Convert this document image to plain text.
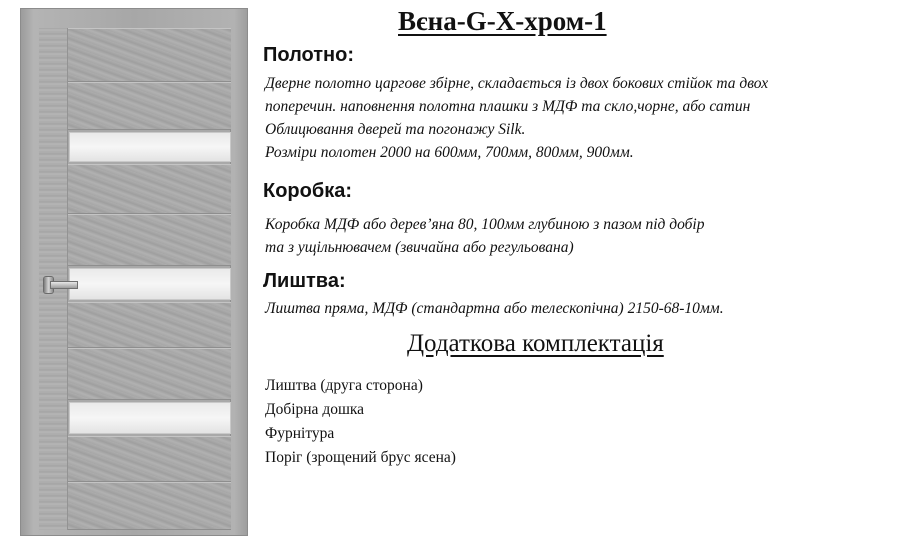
Вєна-G-X-хром-1
Полотно:
Дверне полотно царгове збірне, складається із двох бокових стійок та двох
поперечин. наповнення полотна плашки з МДФ та скло,чорне, або сатин
Облицювання дверей та погонажу Silk.
Розміри полотен 2000 на 600мм, 700мм, 800мм, 900мм.
Коробка:
Коробка МДФ або дерев’яна 80, 100мм глубиною з пазом під добір
та з ущільнювачем (звичайна або регульована)
Лиштва:
Лиштва пряма, МДФ (стандартна або телескопічна) 2150-68-10мм.
Додаткова комплектація
Лиштва (друга сторона)
Добірна дошка
Фурнітура
Поріг (зрощений брус ясена)
